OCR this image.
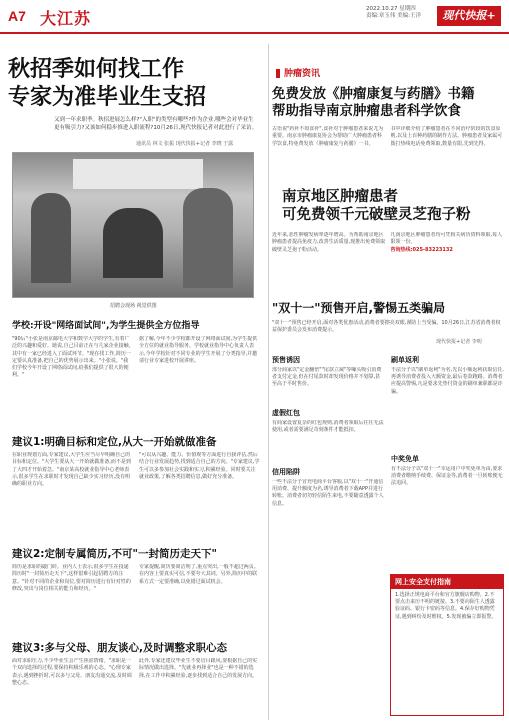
A7 大江苏	2022.10.27 星期四
责编:章玉伟 美编:王洋	现代快报+
秋招季如何找工作
专家为准毕业生支招
又到一年求职季。秋招进展怎么样?"入职"的类型有哪些?作为企业,哪些会对毕业生更有吸引力?又该如何稳步推进入职流程?10月26日,现代快报记者对此进行了采访。
通讯员 林文 张振 现代快报+记者 李晓 于露
招聘会现场 视觉供图
学校:开设"网络面试间",为学生提供全方位指导
"90后"小张是南京邮电大学和数学大学的学生,有着广泛的兴趣和爱好。她说,自己目前正在与几家企业接触,其中有一家已经进入了面试环节。"现在找工作,简历一定要认真准备,把自己的优势展示出来。"小张说。"我们学校今年开设了网络面试间,给我们提供了很大的便利。"
据了解,今年不少学校都开设了网络面试间,为学生提供全方位的就业指导服务。学校就业指导中心负责人表示,今年学校针对不同专业的学生开展了分类指导,并邀请行业专家进校开展讲座。
建议1:明确目标和定位,从大一开始就做准备
在职业规划方面,专家建议,大学生应当尽早明确自己的目标和定位。"大学生要从大一开始就做准备,而不是到了大四才开始着急。"南京某高校就业指导中心老师表示,很多学生在求职时才发现自己缺少实习经历,没有明确的职业方向。
"可以从兴趣、能力、价值观等方面进行自我评估,然后结合行业发展趋势,找到适合自己的方向。"专家建议,学生可以多参加社会实践和实习,积累经验。同时要关注就业政策,了解各类招聘信息,做好充分准备。
建议2:定制专属简历,不可"一封简历走天下"
简历是求职的敲门砖。业内人士表示,很多学生在投递简历时"一封简历走天下",这样很难引起招聘方的注意。"针对不同的企业和岗位,要对简历进行有针对性的修改,突出与岗位相关的能力和经历。"
专家提醒,简历要简洁明了,重点突出,一般不超过两页。在内容上要真实可信,不要夸大其词。另外,简历中的联系方式一定要准确,以免错过面试机会。
建议3:多与父母、朋友谈心,及时调整求职心态
面对求职压力,不少毕业生会产生焦虑情绪。"求职是一个双向选择的过程,要保持积极乐观的心态。"心理专家表示,遇到挫折时,可以多与父母、朋友沟通交流,及时调整心态。
此外,专家还建议毕业生不要盲目跟风,要根据自己的实际情况做出选择。"先就业再择业"也是一种不错的选择,在工作中积累经验,逐步找到适合自己的发展方向。
肿瘤资讯
免费发放《肿瘤康复与药膳》书籍
帮助指导南京肿瘤患者科学饮食
古语说"药补不如食补",食补对于肿瘤患者来说尤为重要。南京市肿瘤康复协会为帮助广大肿瘤患者科学饮食,特免费发放《肿瘤康复与药膳》一书。
书中详细介绍了肿瘤患者在不同治疗阶段的饮食原则,以及上百种药膳的制作方法。肿瘤患者及家属可拨打热线电话免费领取,数量有限,先到先得。
南京地区肿瘤患者
可免费领千元破壁灵芝孢子粉
近年来,恶性肿瘤发病率逐年增高。为帮助南京地区肿瘤患者提高免疫力,改善生活质量,现推出免费领取破壁灵芝孢子粉活动。
凡南京地区肿瘤患者均可凭相关病历资料领取,每人限领一份。
咨询热线:025-83223132
"双十一"预售开启,警惕五类骗局
"双十一"预售已经开启,面对各类优惠活动,消费者要擦亮双眼,谨防上当受骗。10月26日,江苏省消费者权益保护委员会发布消费提示。
现代快报+记者 李明
预售诱因
部分商家以"定金翻倍""尾款立减"等噱头吸引消费者支付定金,但在付尾款时却发现价格并不划算,甚至高于平时售价。
虚假红包
有商家设置复杂的红包规则,消费者领取后往往无法使用,或者需要满足苛刻条件才能抵扣。
信用陷阱
一些不法分子冒充电商平台客服,以"双十一"开通信用消费、提升额度为名,诱导消费者下载APP并进行转账。消费者切勿轻信陌生来电,不要随意透露个人信息。
刷单返利
不法分子以"刷单返利"为名,先以小额返利获取信任,再诱导消费者投入大额资金,最后卷款跑路。消费者应提高警惕,凡是要求先垫付资金的刷单兼职都是诈骗。
中奖免单
有不法分子以"双十一"幸运用户中奖免单为由,要求消费者缴纳手续费、保证金等,消费者一旦转账便无法追回。
网上安全支付指南
1.选择正规电商平台和官方旗舰店购物。2.不要点击来历不明的链接。3.不要向陌生人透露验证码、银行卡密码等信息。4.保存好购物凭证,遇到纠纷及时维权。5.发现被骗立即报警。
